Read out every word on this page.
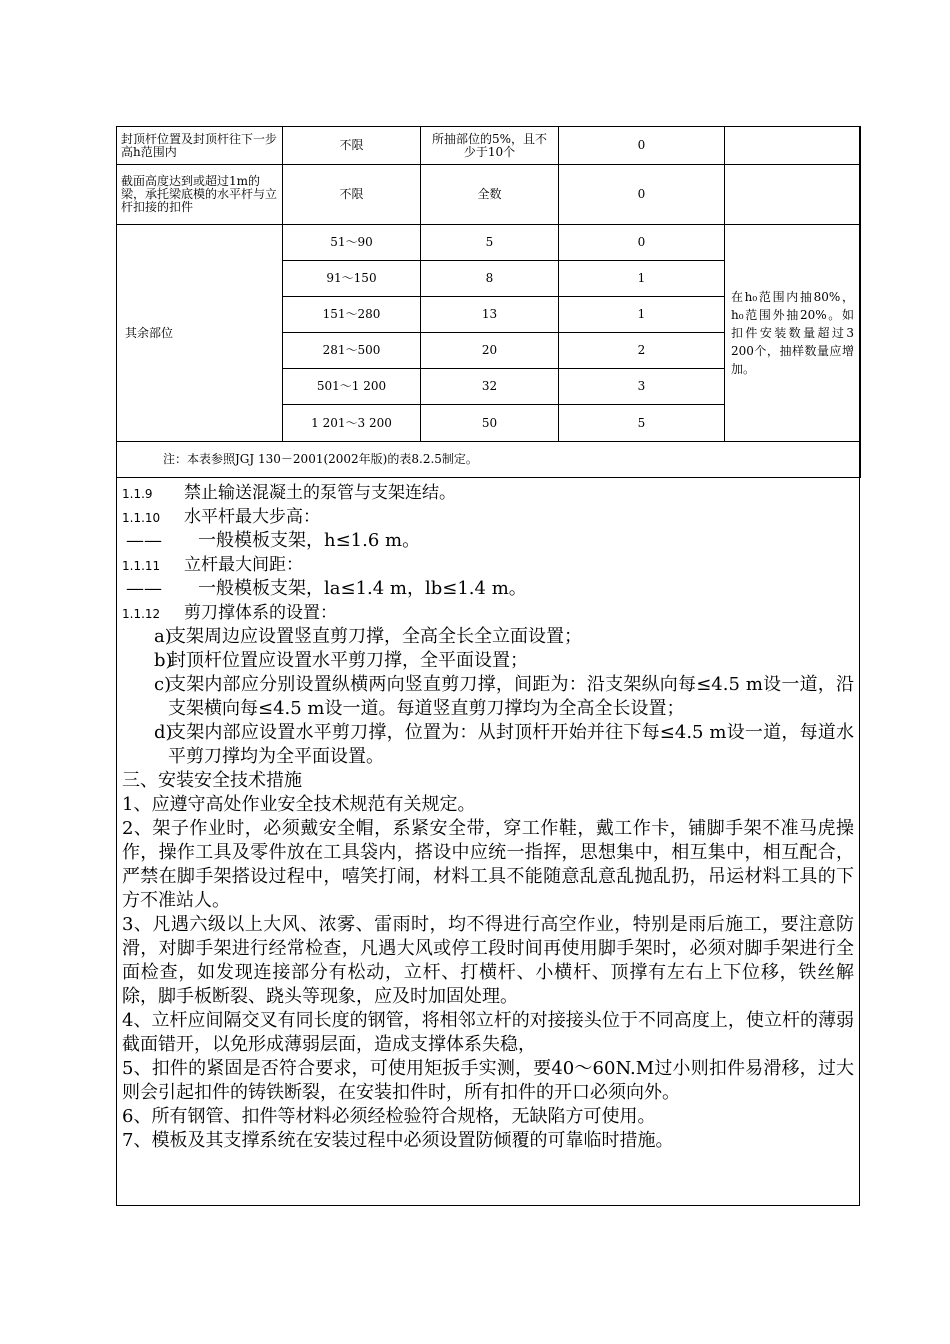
封顶杆位置及封顶杆往下一步高h范围内	不限	所抽部位的5%，且不少于10个	0	
截面高度达到或超过1m的梁，承托梁底模的水平杆与立杆扣接的扣件	不限	全数	0	
其余部位	51～90	5	0	在h₀范围内抽80%，h₀范围外抽20%。如扣件安装数量超过3 200个，抽样数量应增加。
	91～150	8	1	
	151～280	13	1	
	281～500	20	2	
	501～1 200	32	3	
	1 201～3 200	50	5	
注：本表参照JGJ 130－2001(2002年版)的表8.2.5制定。				
1.1.9 禁止输送混凝土的泵管与支架连结。
1.1.10 水平杆最大步高：
—— 一般模板支架，h≤1.6 m。
1.1.11 立杆最大间距：
—— 一般模板支架，la≤1.4 m，lb≤1.4 m。
1.1.12 剪刀撑体系的设置：
a)
支架周边应设置竖直剪刀撑，全高全长全立面设置；
b)
封顶杆位置应设置水平剪刀撑，全平面设置；
c)
支架内部应分别设置纵横两向竖直剪刀撑，间距为：沿支架纵向每≤4.5 m设一道，沿支架横向每≤4.5 m设一道。每道竖直剪刀撑均为全高全长设置；
d)
支架内部应设置水平剪刀撑，位置为：从封顶杆开始并往下每≤4.5 m设一道，每道水平剪刀撑均为全平面设置。
三、安装安全技术措施
1、应遵守高处作业安全技术规范有关规定。
2、架子作业时，必须戴安全帽，系紧安全带，穿工作鞋，戴工作卡，铺脚手架不准马虎操作，操作工具及零件放在工具袋内，搭设中应统一指挥，思想集中，相互集中，相互配合，严禁在脚手架搭设过程中，嘻笑打闹，材料工具不能随意乱意乱抛乱扔，吊运材料工具的下方不准站人。
3、凡遇六级以上大风、浓雾、雷雨时，均不得进行高空作业，特别是雨后施工，要注意防滑，对脚手架进行经常检查，凡遇大风或停工段时间再使用脚手架时，必须对脚手架进行全面检查，如发现连接部分有松动，立杆、打横杆、小横杆、顶撑有左右上下位移，铁丝解除，脚手板断裂、跷头等现象，应及时加固处理。
4、立杆应间隔交叉有同长度的钢管，将相邻立杆的对接接头位于不同高度上，使立杆的薄弱截面错开，以免形成薄弱层面，造成支撑体系失稳，
5、扣件的紧固是否符合要求，可使用矩扳手实测，要40～60N.M过小则扣件易滑移，过大则会引起扣件的铸铁断裂，在安装扣件时，所有扣件的开口必须向外。
6、所有钢管、扣件等材料必须经检验符合规格，无缺陷方可使用。
7、模板及其支撑系统在安装过程中必须设置防倾覆的可靠临时措施。
